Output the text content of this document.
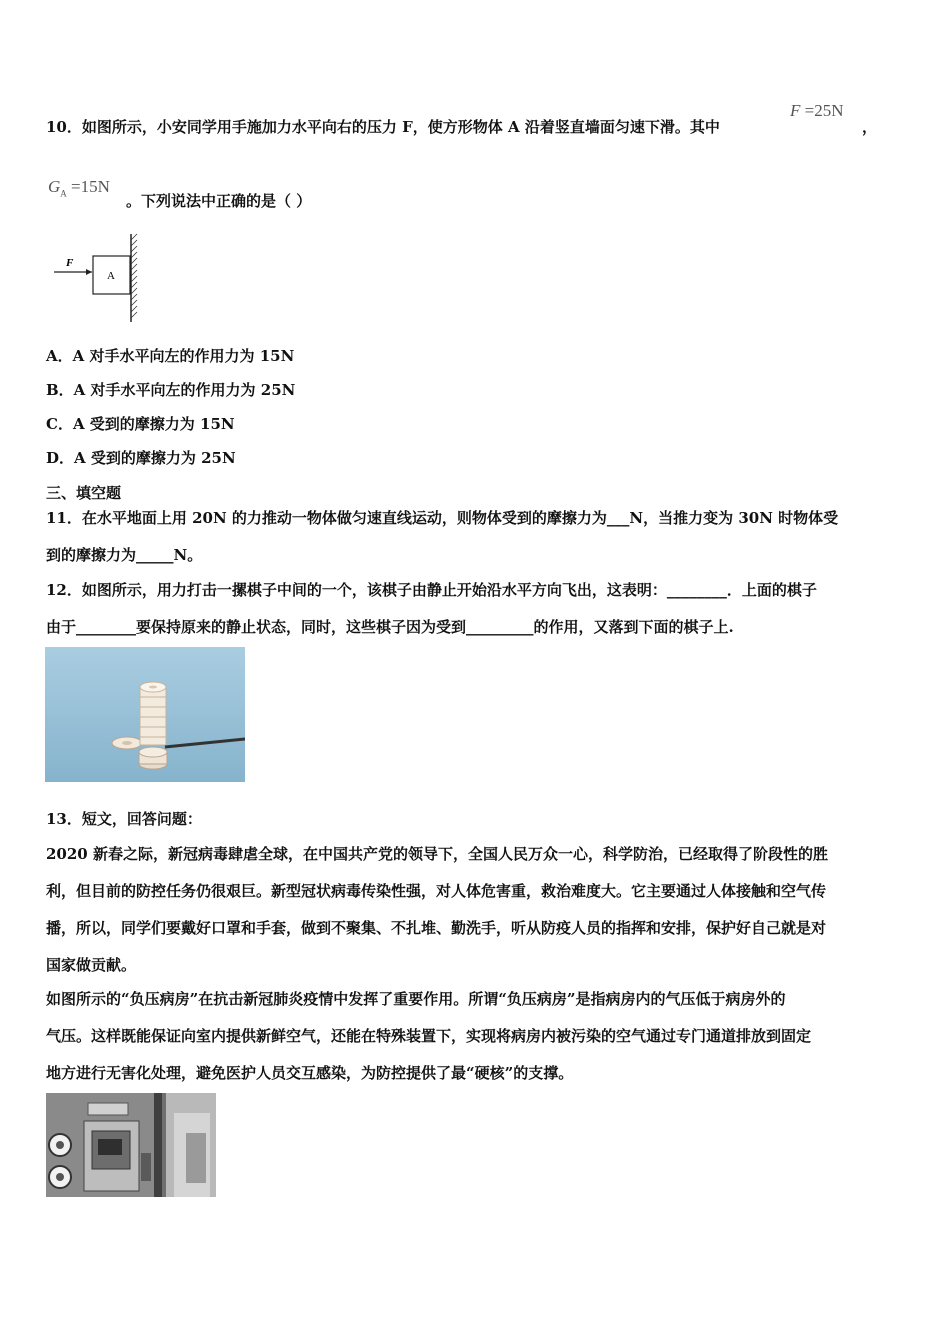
10．如图所示，小安同学用手施加力水平向右的压力 F，使方形物体 A 沿着竖直墙面匀速下滑。其中
F =25N
，
$G_A =15N$
。下列说法中正确的是（ ）
F
A
A．A 对手水平向左的作用力为 15N
B．A 对手水平向左的作用力为 25N
C．A 受到的摩擦力为 15N
D．A 受到的摩擦力为 25N
三、填空题
11．在水平地面上用 20N 的力推动一物体做匀速直线运动，则物体受到的摩擦力为___N，当推力变为 30N 时物体受
到的摩擦力为_____N。
12．如图所示，用力打击一摞棋子中间的一个，该棋子由静止开始沿水平方向飞出，这表明：________．上面的棋子
由于________要保持原来的静止状态，同时，这些棋子因为受到_________的作用，又落到下面的棋子上.
13．短文，回答问题：
2020 新春之际，新冠病毒肆虐全球，在中国共产党的领导下，全国人民万众一心，科学防治，已经取得了阶段性的胜
利，但目前的防控任务仍很艰巨。新型冠状病毒传染性强，对人体危害重，救治难度大。它主要通过人体接触和空气传
播，所以，同学们要戴好口罩和手套，做到不聚集、不扎堆、勤洗手，听从防疫人员的指挥和安排，保护好自己就是对
国家做贡献。
如图所示的“负压病房”在抗击新冠肺炎疫情中发挥了重要作用。所谓“负压病房”是指病房内的气压低于病房外的
气压。这样既能保证向室内提供新鲜空气，还能在特殊装置下，实现将病房内被污染的空气通过专门通道排放到固定
地方进行无害化处理，避免医护人员交互感染，为防控提供了最“硬核”的支撑。
